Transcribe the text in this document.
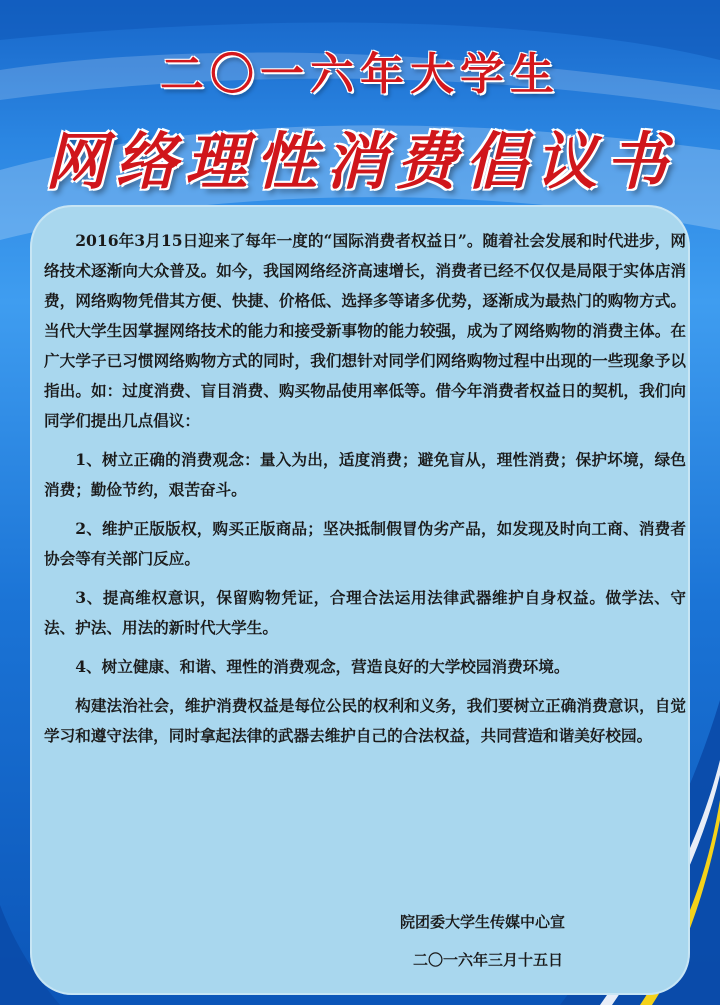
二〇一六年大学生
网络理性消费倡议书

2016年3月15日迎来了每年一度的“国际消费者权益日”。随着社会发展和时代进步，网络技术逐渐向大众普及。如今，我国网络经济高速增长，消费者已经不仅仅是局限于实体店消费，网络购物凭借其方便、快捷、价格低、选择多等诸多优势，逐渐成为最热门的购物方式。当代大学生因掌握网络技术的能力和接受新事物的能力较强，成为了网络购物的消费主体。在广大学子已习惯网络购物方式的同时，我们想针对同学们网络购物过程中出现的一些现象予以指出。如：过度消费、盲目消费、购买物品使用率低等。借今年消费者权益日的契机，我们向同学们提出几点倡议：

1、树立正确的消费观念：量入为出，适度消费；避免盲从，理性消费；保护坏境，绿色消费；勤俭节约，艰苦奋斗。

2、维护正版版权，购买正版商品；坚决抵制假冒伪劣产品，如发现及时向工商、消费者协会等有关部门反应。

3、提高维权意识，保留购物凭证，合理合法运用法律武器维护自身权益。做学法、守法、护法、用法的新时代大学生。

4、树立健康、和谐、理性的消费观念，营造良好的大学校园消费环境。

构建法治社会，维护消费权益是每位公民的权利和义务，我们要树立正确消费意识，自觉学习和遵守法律，同时拿起法律的武器去维护自己的合法权益，共同营造和谐美好校园。

院团委大学生传媒中心宣
二〇一六年三月十五日
